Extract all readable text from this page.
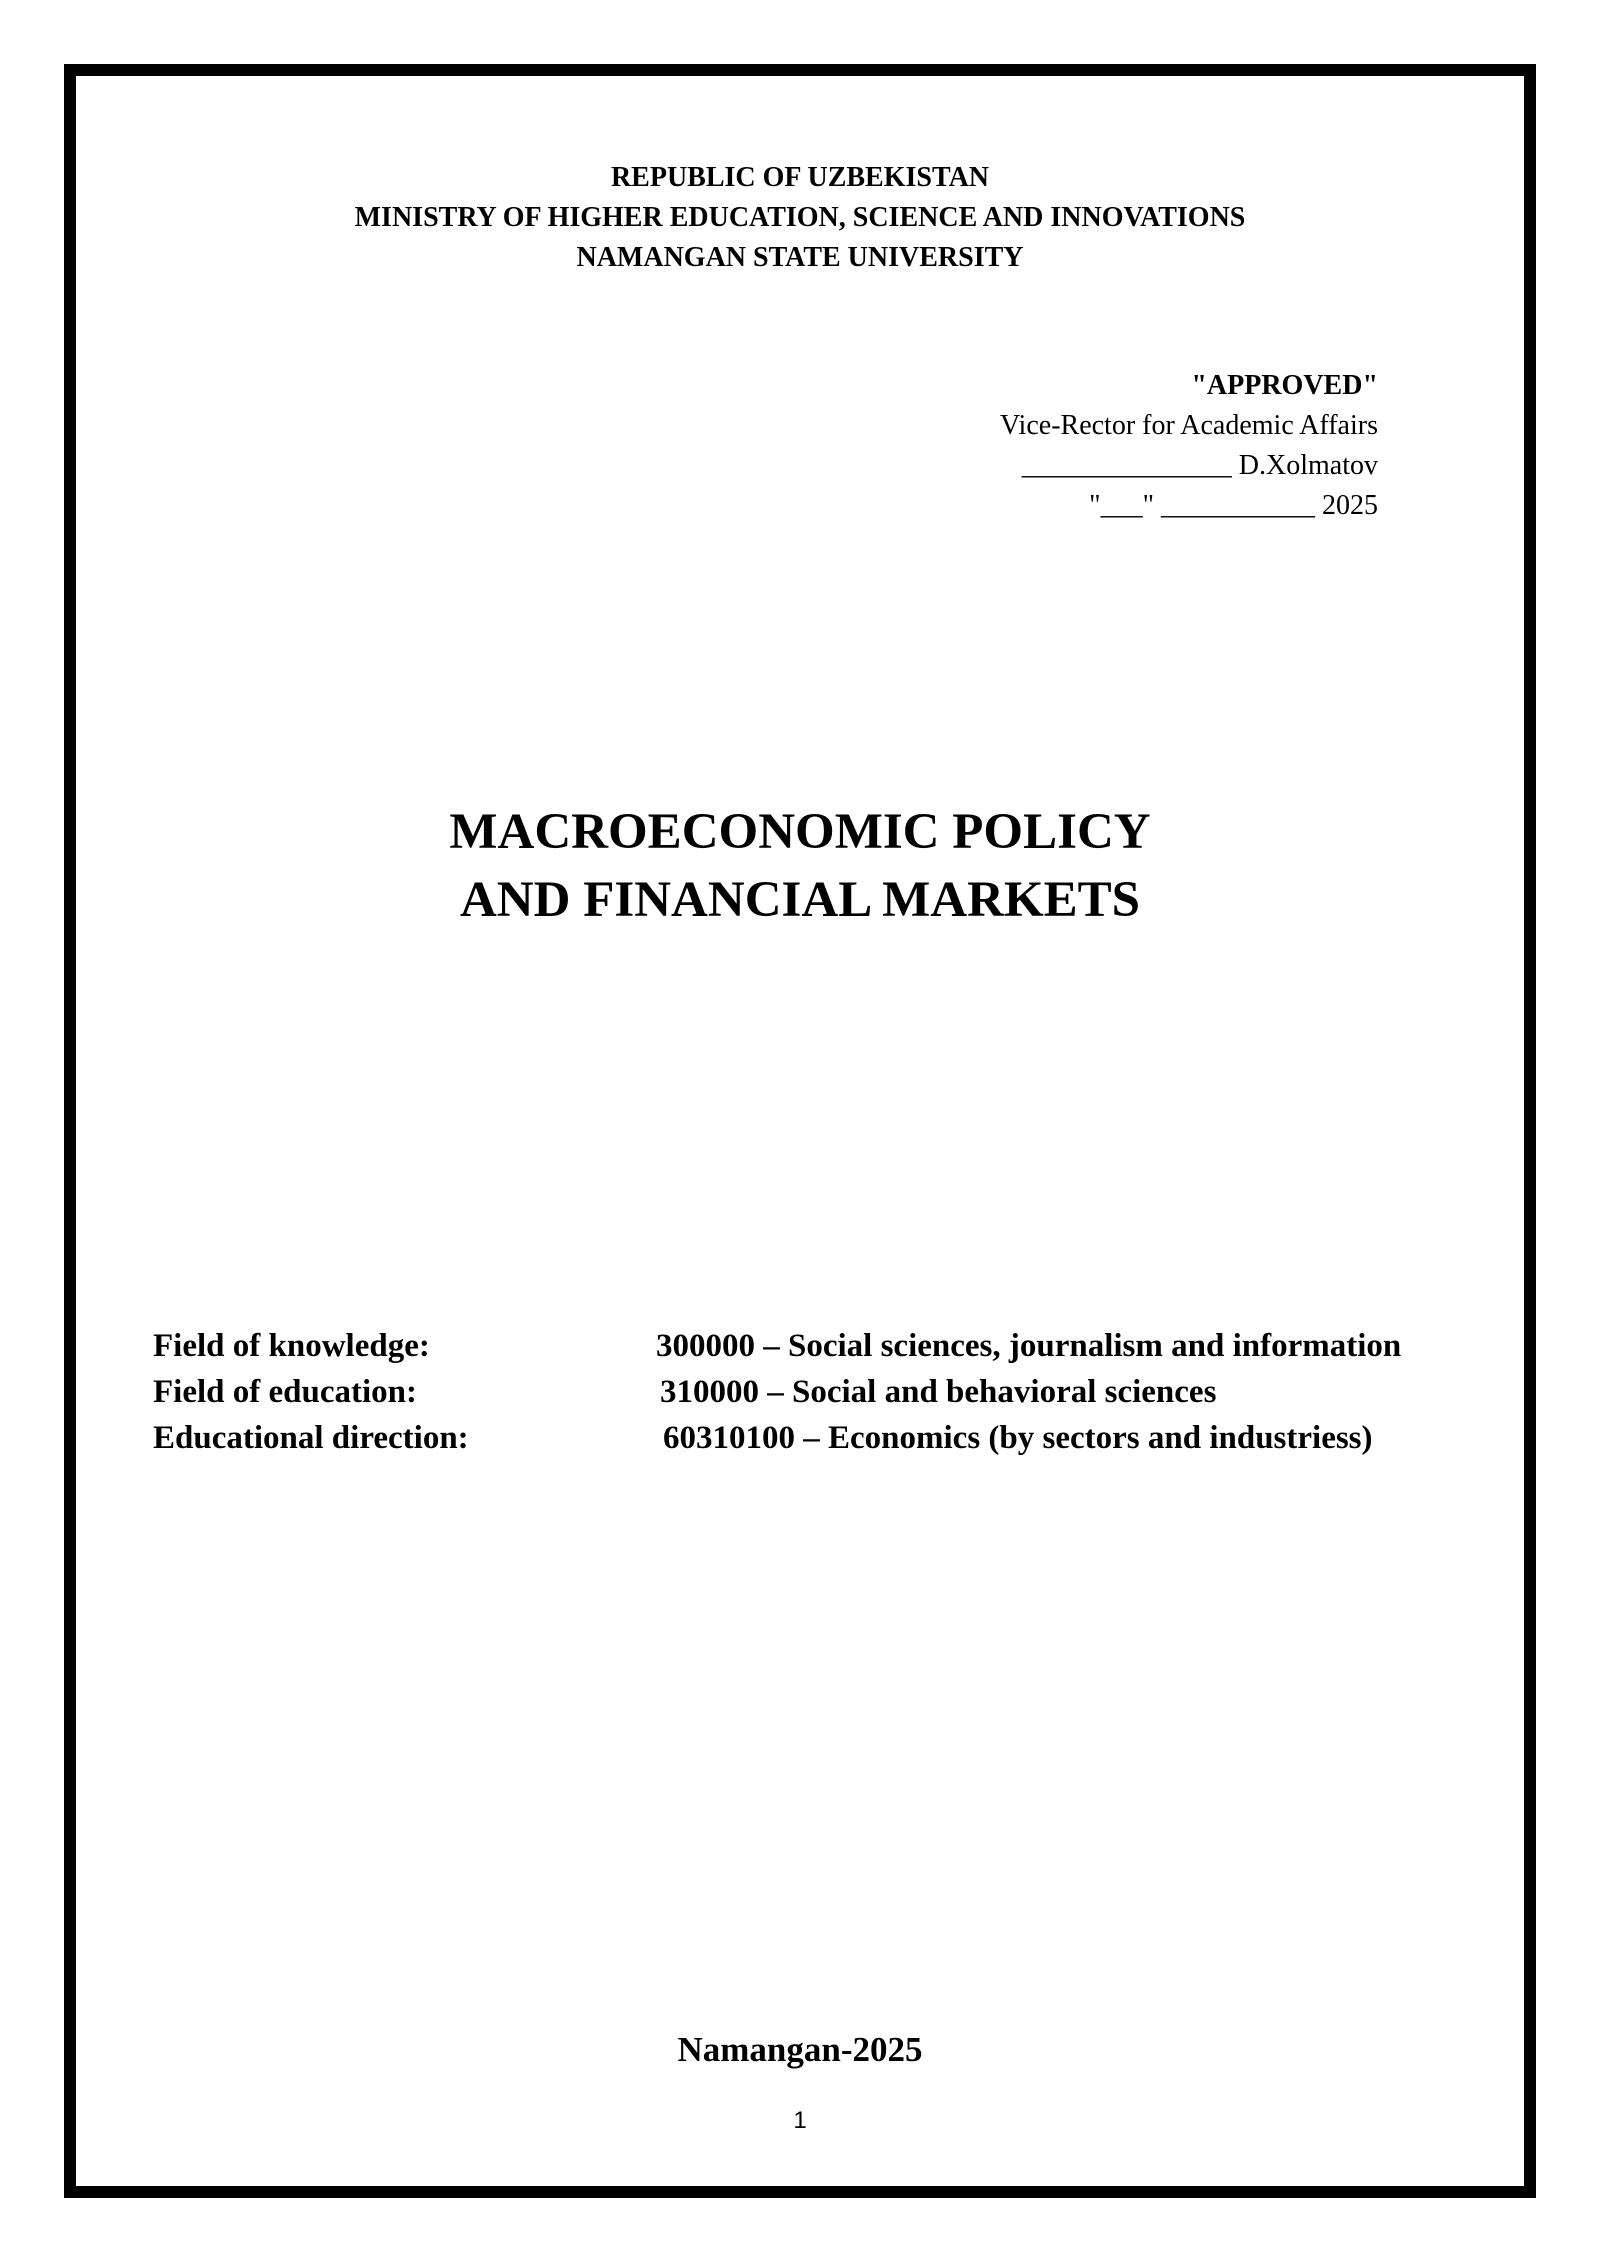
REPUBLIC OF UZBEKISTAN
MINISTRY OF HIGHER EDUCATION, SCIENCE AND INNOVATIONS
NAMANGAN STATE UNIVERSITY
"APPROVED"
Vice-Rector for Academic Affairs
_______________ D.Xolmatov
"___" ___________ 2025
MACROECONOMIC POLICY
AND FINANCIAL MARKETS
Field of knowledge:	300000 – Social sciences, journalism and information
Field of education:	310000 – Social and behavioral sciences
Educational direction:	60310100 – Economics (by sectors and industriess)
Namangan-2025
1
